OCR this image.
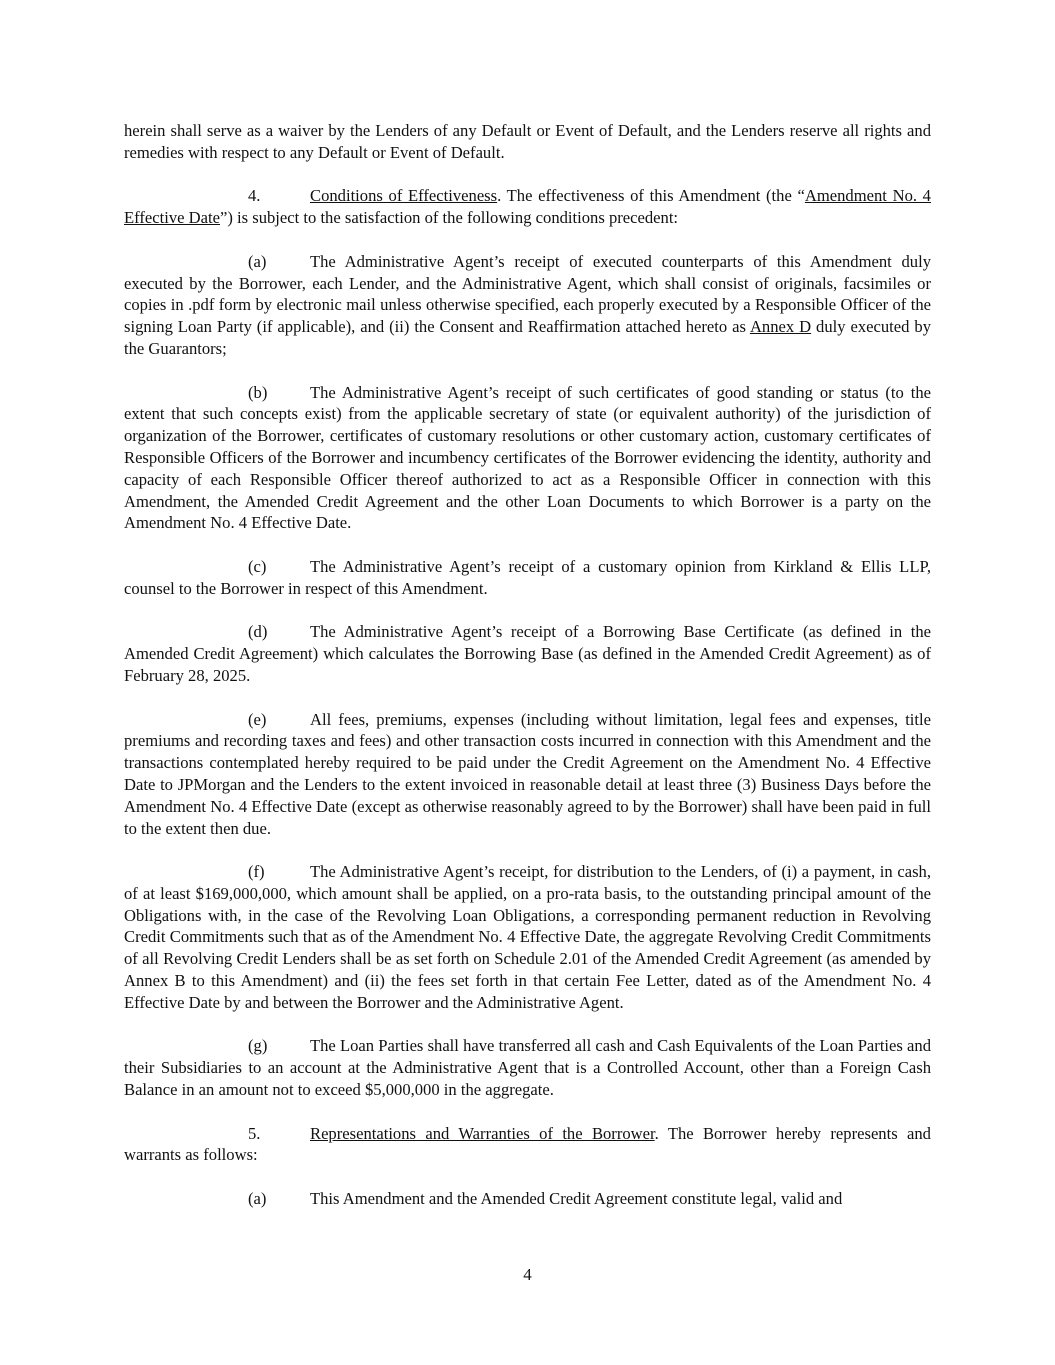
herein shall serve as a waiver by the Lenders of any Default or Event of Default, and the Lenders reserve all rights and remedies with respect to any Default or Event of Default.

4.	Conditions of Effectiveness. The effectiveness of this Amendment (the “Amendment No. 4 Effective Date”) is subject to the satisfaction of the following conditions precedent:

(a)	The Administrative Agent’s receipt of executed counterparts of this Amendment duly executed by the Borrower, each Lender, and the Administrative Agent, which shall consist of originals, facsimiles or copies in .pdf form by electronic mail unless otherwise specified, each properly executed by a Responsible Officer of the signing Loan Party (if applicable), and (ii) the Consent and Reaffirmation attached hereto as Annex D duly executed by the Guarantors;

(b)	The Administrative Agent’s receipt of such certificates of good standing or status (to the extent that such concepts exist) from the applicable secretary of state (or equivalent authority) of the jurisdiction of organization of the Borrower, certificates of customary resolutions or other customary action, customary certificates of Responsible Officers of the Borrower and incumbency certificates of the Borrower evidencing the identity, authority and capacity of each Responsible Officer thereof authorized to act as a Responsible Officer in connection with this Amendment, the Amended Credit Agreement and the other Loan Documents to which Borrower is a party on the Amendment No. 4 Effective Date.

(c)	The Administrative Agent’s receipt of a customary opinion from Kirkland & Ellis LLP, counsel to the Borrower in respect of this Amendment.

(d)	The Administrative Agent’s receipt of a Borrowing Base Certificate (as defined in the Amended Credit Agreement) which calculates the Borrowing Base (as defined in the Amended Credit Agreement) as of February 28, 2025.

(e)	All fees, premiums, expenses (including without limitation, legal fees and expenses, title premiums and recording taxes and fees) and other transaction costs incurred in connection with this Amendment and the transactions contemplated hereby required to be paid under the Credit Agreement on the Amendment No. 4 Effective Date to JPMorgan and the Lenders to the extent invoiced in reasonable detail at least three (3) Business Days before the Amendment No. 4 Effective Date (except as otherwise reasonably agreed to by the Borrower) shall have been paid in full to the extent then due.

(f)	The Administrative Agent’s receipt, for distribution to the Lenders, of (i) a payment, in cash, of at least $169,000,000, which amount shall be applied, on a pro-rata basis, to the outstanding principal amount of the Obligations with, in the case of the Revolving Loan Obligations, a corresponding permanent reduction in Revolving Credit Commitments such that as of the Amendment No. 4 Effective Date, the aggregate Revolving Credit Commitments of all Revolving Credit Lenders shall be as set forth on Schedule 2.01 of the Amended Credit Agreement (as amended by Annex B to this Amendment) and (ii) the fees set forth in that certain Fee Letter, dated as of the Amendment No. 4 Effective Date by and between the Borrower and the Administrative Agent.

(g)	The Loan Parties shall have transferred all cash and Cash Equivalents of the Loan Parties and their Subsidiaries to an account at the Administrative Agent that is a Controlled Account, other than a Foreign Cash Balance in an amount not to exceed $5,000,000 in the aggregate.

5.	Representations and Warranties of the Borrower. The Borrower hereby represents and warrants as follows:

(a)	This Amendment and the Amended Credit Agreement constitute legal, valid and

4
